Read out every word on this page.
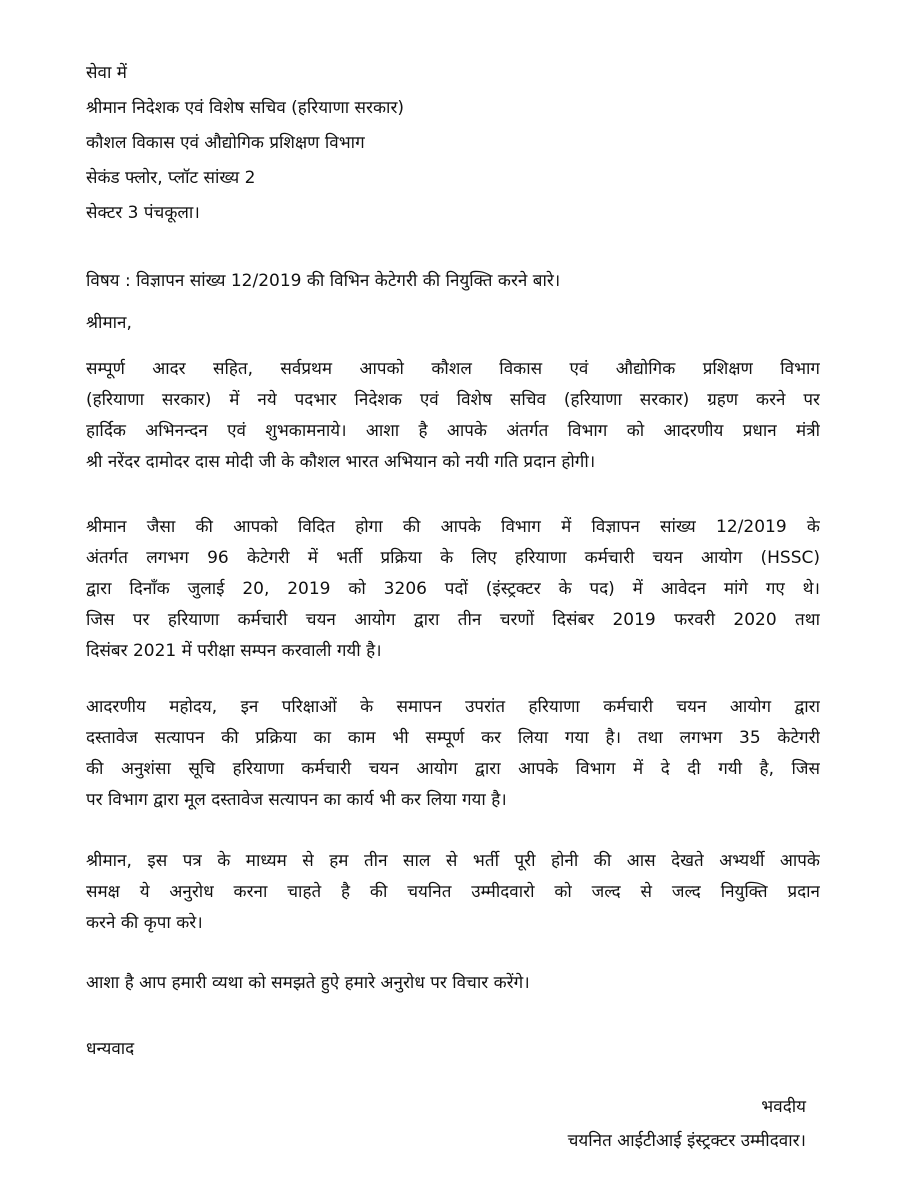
सेवा में
श्रीमान निदेशक एवं विशेष सचिव (हरियाणा सरकार)
कौशल विकास एवं औद्योगिक प्रशिक्षण विभाग
सेकंड फ्लोर, प्लॉट सांख्य 2
सेक्टर 3 पंचकूला।
विषय : विज्ञापन सांख्य 12/2019 की विभिन केटेगरी की नियुक्ति करने बारे।
श्रीमान,
सम्पूर्ण आदर सहित, सर्वप्रथम आपको कौशल विकास एवं औद्योगिक प्रशिक्षण विभाग
(हरियाणा सरकार) में नये पदभार निदेशक एवं विशेष सचिव (हरियाणा सरकार) ग्रहण करने पर
हार्दिक अभिनन्दन एवं शुभकामनाये। आशा है आपके अंतर्गत विभाग को आदरणीय प्रधान मंत्री
श्री नरेंदर दामोदर दास मोदी जी के कौशल भारत अभियान को नयी गति प्रदान होगी।
श्रीमान जैसा की आपको विदित होगा की आपके विभाग में विज्ञापन सांख्य 12/2019 के
अंतर्गत लगभग 96 केटेगरी में भर्ती प्रक्रिया के लिए हरियाणा कर्मचारी चयन आयोग (HSSC)
द्वारा दिनाँक जुलाई 20, 2019 को 3206 पदों (इंस्ट्रक्टर के पद) में आवेदन मांगे गए थे।
जिस पर हरियाणा कर्मचारी चयन आयोग द्वारा तीन चरणों दिसंबर 2019 फरवरी 2020 तथा
दिसंबर 2021 में परीक्षा सम्पन करवाली गयी है।
आदरणीय महोदय, इन परिक्षाओं के समापन उपरांत हरियाणा कर्मचारी चयन आयोग द्वारा
दस्तावेज सत्यापन की प्रक्रिया का काम भी सम्पूर्ण कर लिया गया है। तथा लगभग 35 केटेगरी
की अनुशंसा सूचि हरियाणा कर्मचारी चयन आयोग द्वारा आपके विभाग में दे दी गयी है, जिस
पर विभाग द्वारा मूल दस्तावेज सत्यापन का कार्य भी कर लिया गया है।
श्रीमान, इस पत्र के माध्यम से हम तीन साल से भर्ती पूरी होनी की आस देखते अभ्यर्थी आपके
समक्ष ये अनुरोध करना चाहते है की चयनित उम्मीदवारो को जल्द से जल्द नियुक्ति प्रदान
करने की कृपा करे।
आशा है आप हमारी व्यथा को समझते हुऐ हमारे अनुरोध पर विचार करेंगे।
धन्यवाद
भवदीय
चयनित आईटीआई इंस्ट्रक्टर उम्मीदवार।
